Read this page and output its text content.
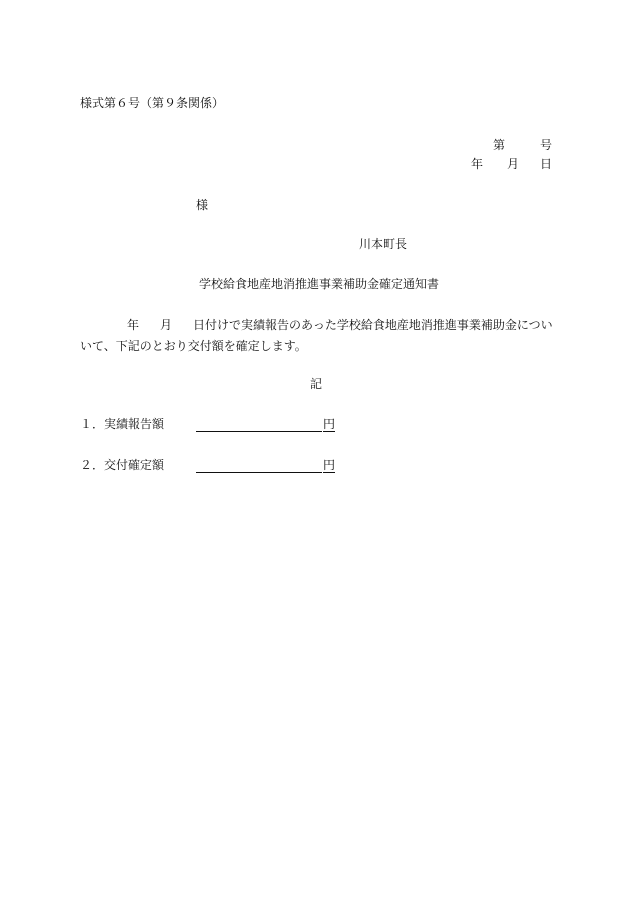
様式第６号（第９条関係）
第	号
年 月 日
様
川本町長
学校給食地産地消推進事業補助金確定通知書
年 月 日付けで実績報告のあった学校給食地産地消推進事業補助金につい
いて、下記のとおり交付額を確定します。
記
１．実績報告額	円
２．交付確定額	円
